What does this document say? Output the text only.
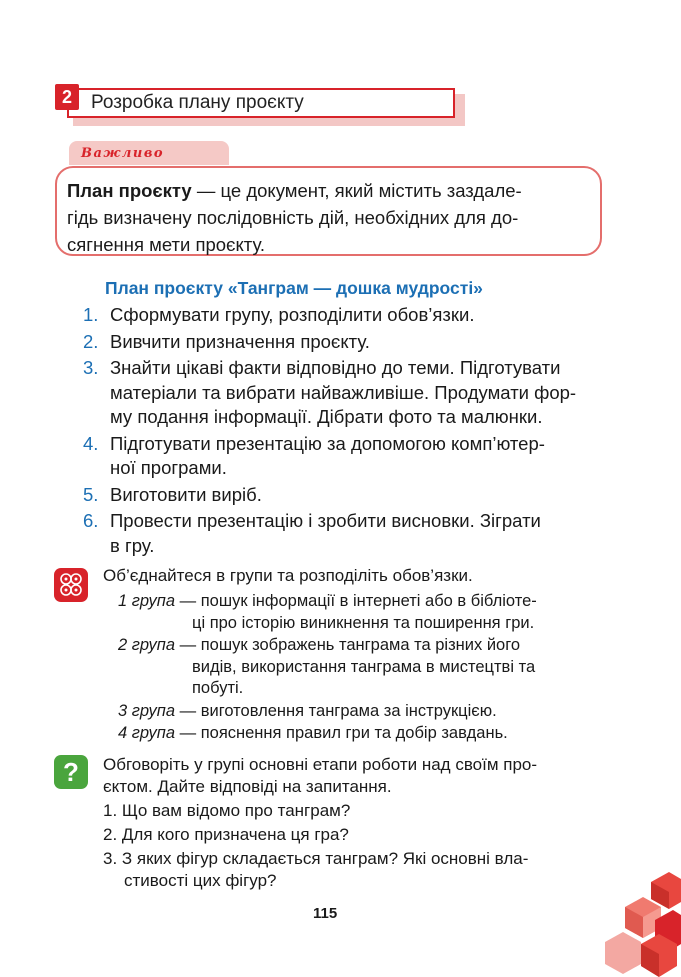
Розробка плану проєкту
2
Важливо
План проєкту — це документ, який містить заздале-
гідь визначену послідовність дій, необхідних для до-
сягнення мети проєкту.
План проєкту «Танграм — дошка мудрості»
1. Сформувати групу, розподілити обов’язки.
2. Вивчити призначення проєкту.
3. Знайти цікаві факти відповідно до теми. Підготувати
матеріали та вибрати найважливіше. Продумати фор-
му подання інформації. Дібрати фото та малюнки.
4. Підготувати презентацію за допомогою комп’ютер-
ної програми.
5. Виготовити виріб.
6. Провести презентацію і зробити висновки. Зіграти
в гру.
Об’єднайтеся в групи та розподіліть обов’язки.
1 група — пошук інформації в інтернеті або в бібліоте-
ці про історію виникнення та поширення гри.
2 група — пошук зображень танграма та різних його
видів, використання танграма в мистецтві та
побуті.
3 група — виготовлення танграма за інструкцією.
4 група — пояснення правил гри та добір завдань.
?	Обговоріть у групі основні етапи роботи над своїм про-
єктом. Дайте відповіді на запитання.
1. Що вам відомо про танграм?
2. Для кого призначена ця гра?
3. З яких фігур складається танграм? Які основні вла-
стивості цих фігур?
115
